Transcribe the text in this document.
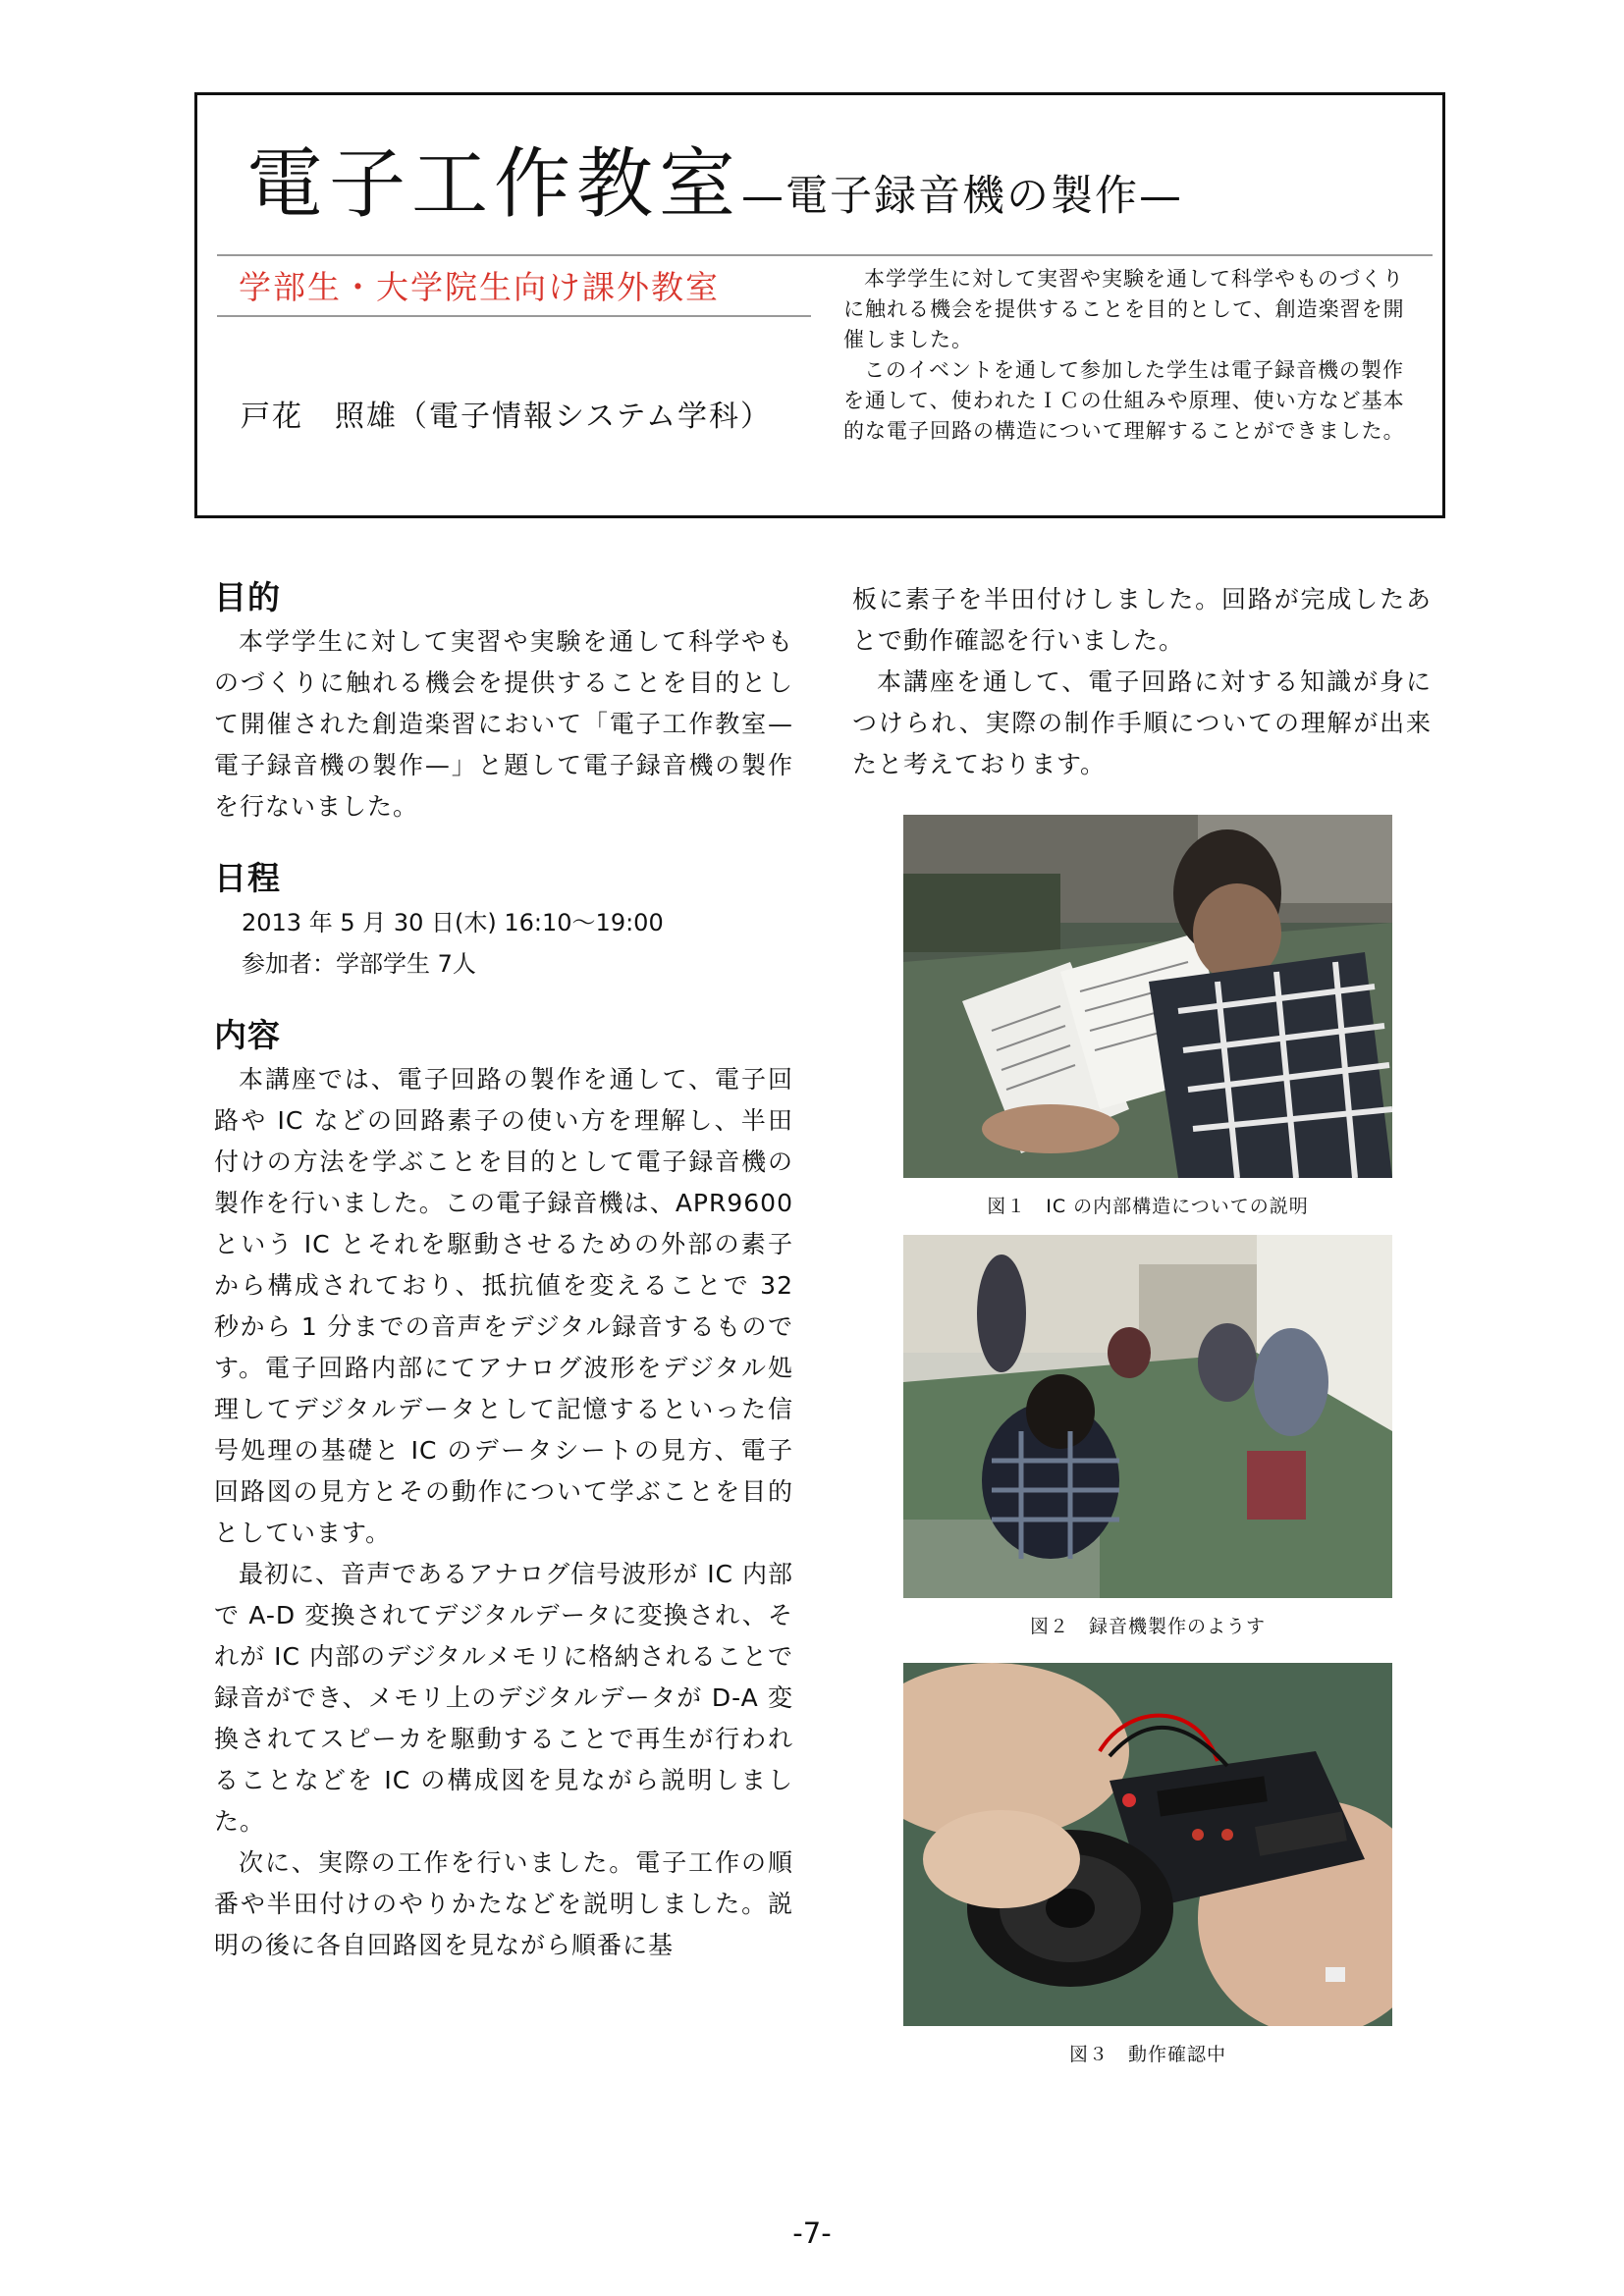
電子工作教室—電子録音機の製作—
学部生・大学院生向け課外教室
戸花　照雄（電子情報システム学科）

本学学生に対して実習や実験を通して科学やものづくりに触れる機会を提供することを目的として、創造楽習を開催しました。

このイベントを通して参加した学生は電子録音機の製作を通して、使われたＩＣの仕組みや原理、使い方など基本的な電子回路の構造について理解することができました。

目的

本学学生に対して実習や実験を通して科学やものづくりに触れる機会を提供することを目的として開催された創造楽習において「電子工作教室—電子録音機の製作—」と題して電子録音機の製作を行ないました。

日程

2013 年 5 月 30 日(木) 16:10～19:00

参加者：学部学生 7人

内容

本講座では、電子回路の製作を通して、電子回路や IC などの回路素子の使い方を理解し、半田付けの方法を学ぶことを目的として電子録音機の製作を行いました。この電子録音機は、APR9600 という IC とそれを駆動させるための外部の素子から構成されており、抵抗値を変えることで 32 秒から 1 分までの音声をデジタル録音するものです。電子回路内部にてアナログ波形をデジタル処理してデジタルデータとして記憶するといった信号処理の基礎と IC のデータシートの見方、電子回路図の見方とその動作について学ぶことを目的としています。

最初に、音声であるアナログ信号波形が IC 内部で A-D 変換されてデジタルデータに変換され、それが IC 内部のデジタルメモリに格納されることで録音ができ、メモリ上のデジタルデータが D-A 変換されてスピーカを駆動することで再生が行われることなどを IC の構成図を見ながら説明しました。

次に、実際の工作を行いました。電子工作の順番や半田付けのやりかたなどを説明しました。説明の後に各自回路図を見ながら順番に基

板に素子を半田付けしました。回路が完成したあとで動作確認を行いました。

本講座を通して、電子回路に対する知識が身につけられ、実際の制作手順についての理解が出来たと考えております。

図１　IC の内部構造についての説明
図２　録音機製作のようす
図３　動作確認中
-7-
